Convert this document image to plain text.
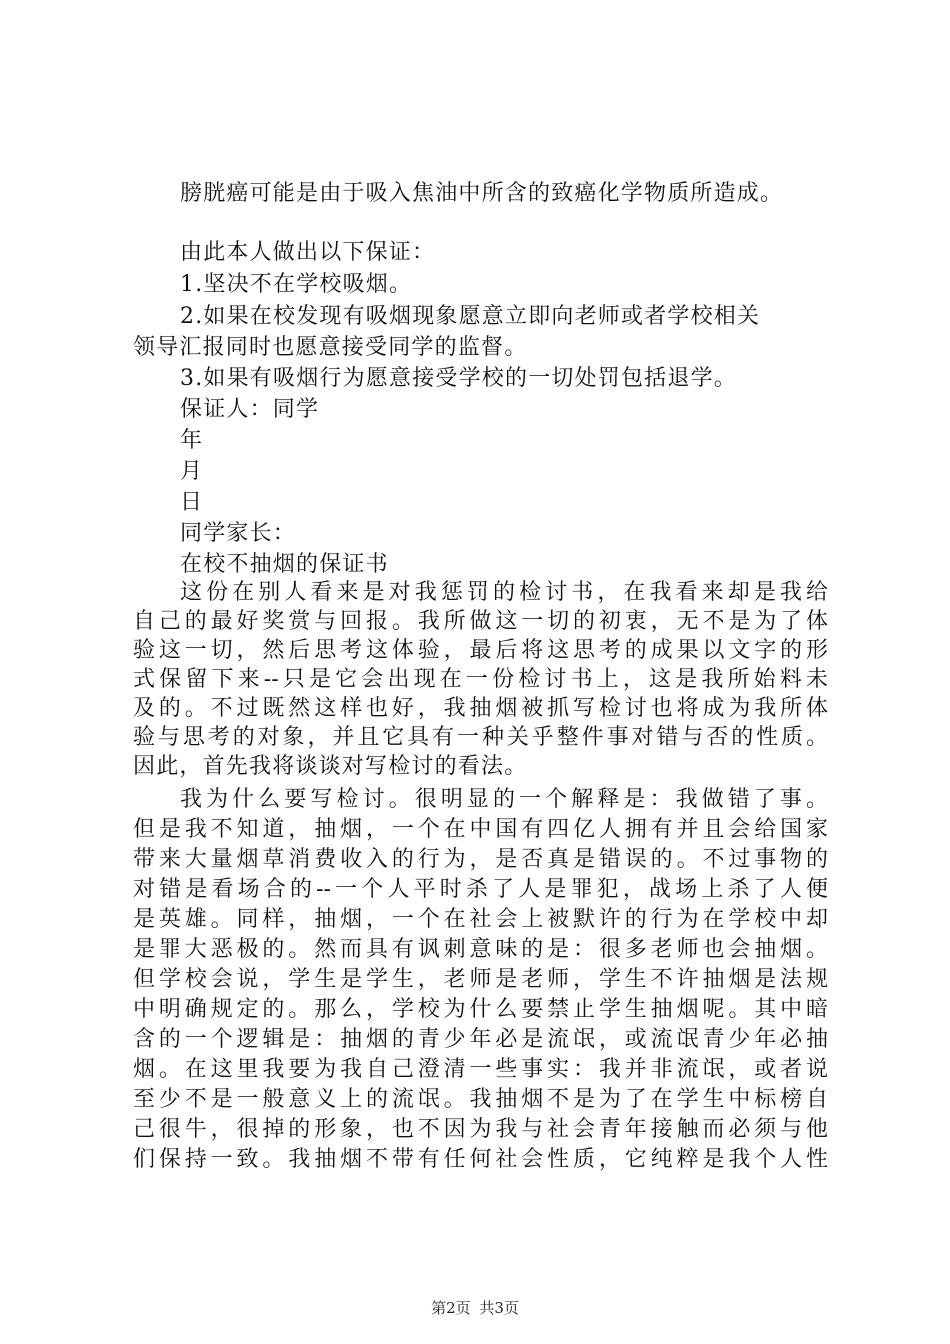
膀胱癌可能是由于吸入焦油中所含的致癌化学物质所造成。
由此本人做出以下保证：
1.坚决不在学校吸烟。
2.如果在校发现有吸烟现象愿意立即向老师或者学校相关
领导汇报同时也愿意接受同学的监督。
3.如果有吸烟行为愿意接受学校的一切处罚包括退学。
保证人：同学
年
月
日
同学家长：
在校不抽烟的保证书
这份在别人看来是对我惩罚的检讨书，在我看来却是我给
自己的最好奖赏与回报。我所做这一切的初衷，无不是为了体
验这一切，然后思考这体验，最后将这思考的成果以文字的形
式保留下来--只是它会出现在一份检讨书上，这是我所始料未
及的。不过既然这样也好，我抽烟被抓写检讨也将成为我所体
验与思考的对象，并且它具有一种关乎整件事对错与否的性质。
因此，首先我将谈谈对写检讨的看法。
我为什么要写检讨。很明显的一个解释是：我做错了事。
但是我不知道，抽烟，一个在中国有四亿人拥有并且会给国家
带来大量烟草消费收入的行为，是否真是错误的。不过事物的
对错是看场合的--一个人平时杀了人是罪犯，战场上杀了人便
是英雄。同样，抽烟，一个在社会上被默许的行为在学校中却
是罪大恶极的。然而具有讽刺意味的是：很多老师也会抽烟。
但学校会说，学生是学生，老师是老师，学生不许抽烟是法规
中明确规定的。那么，学校为什么要禁止学生抽烟呢。其中暗
含的一个逻辑是：抽烟的青少年必是流氓，或流氓青少年必抽
烟。在这里我要为我自己澄清一些事实：我并非流氓，或者说
至少不是一般意义上的流氓。我抽烟不是为了在学生中标榜自
己很牛，很掉的形象，也不因为我与社会青年接触而必须与他
们保持一致。我抽烟不带有任何社会性质，它纯粹是我个人性
第2页 共3页
